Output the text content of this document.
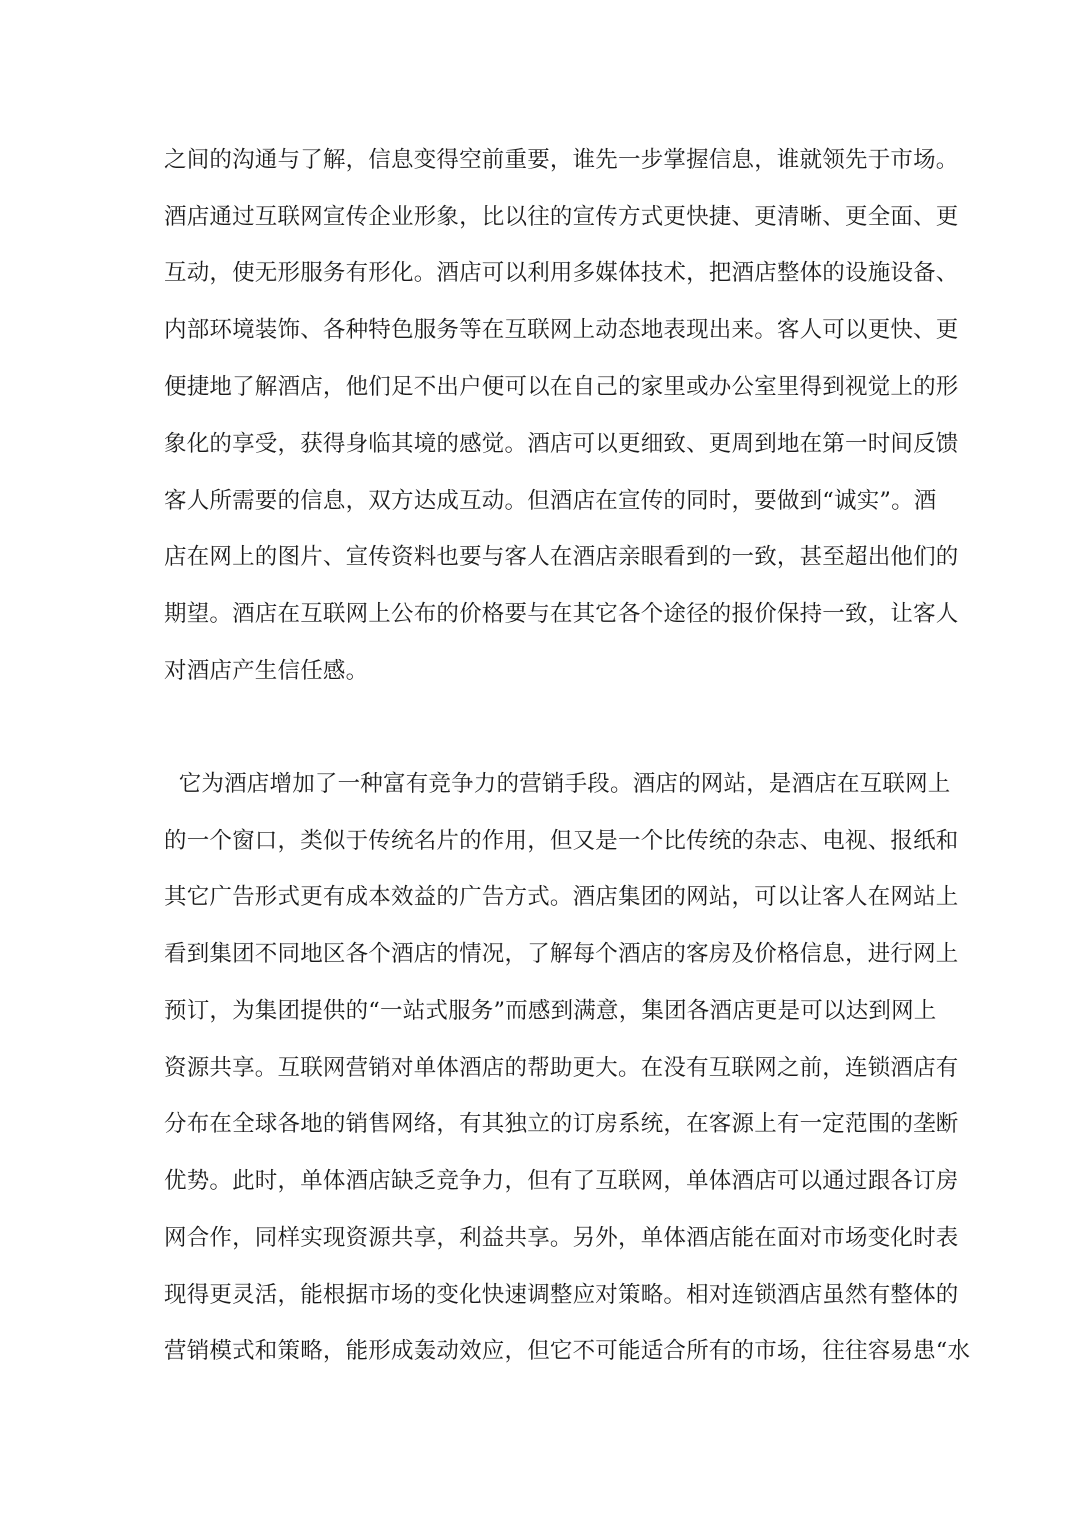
之间的沟通与了解，信息变得空前重要，谁先一步掌握信息，谁就领先于市场。
酒店通过互联网宣传企业形象，比以往的宣传方式更快捷、更清晰、更全面、更
互动，使无形服务有形化。酒店可以利用多媒体技术，把酒店整体的设施设备、
内部环境装饰、各种特色服务等在互联网上动态地表现出来。客人可以更快、更
便捷地了解酒店，他们足不出户便可以在自己的家里或办公室里得到视觉上的形
象化的享受，获得身临其境的感觉。酒店可以更细致、更周到地在第一时间反馈
客人所需要的信息，双方达成互动。但酒店在宣传的同时，要做到“诚实”。酒
店在网上的图片、宣传资料也要与客人在酒店亲眼看到的一致，甚至超出他们的
期望。酒店在互联网上公布的价格要与在其它各个途径的报价保持一致，让客人
对酒店产生信任感。
它为酒店增加了一种富有竞争力的营销手段。酒店的网站，是酒店在互联网上
的一个窗口，类似于传统名片的作用，但又是一个比传统的杂志、电视、报纸和
其它广告形式更有成本效益的广告方式。酒店集团的网站，可以让客人在网站上
看到集团不同地区各个酒店的情况，了解每个酒店的客房及价格信息，进行网上
预订，为集团提供的“一站式服务”而感到满意，集团各酒店更是可以达到网上
资源共享。互联网营销对单体酒店的帮助更大。在没有互联网之前，连锁酒店有
分布在全球各地的销售网络，有其独立的订房系统，在客源上有一定范围的垄断
优势。此时，单体酒店缺乏竞争力，但有了互联网，单体酒店可以通过跟各订房
网合作，同样实现资源共享，利益共享。另外，单体酒店能在面对市场变化时表
现得更灵活，能根据市场的变化快速调整应对策略。相对连锁酒店虽然有整体的
营销模式和策略，能形成轰动效应，但它不可能适合所有的市场，往往容易患“水
